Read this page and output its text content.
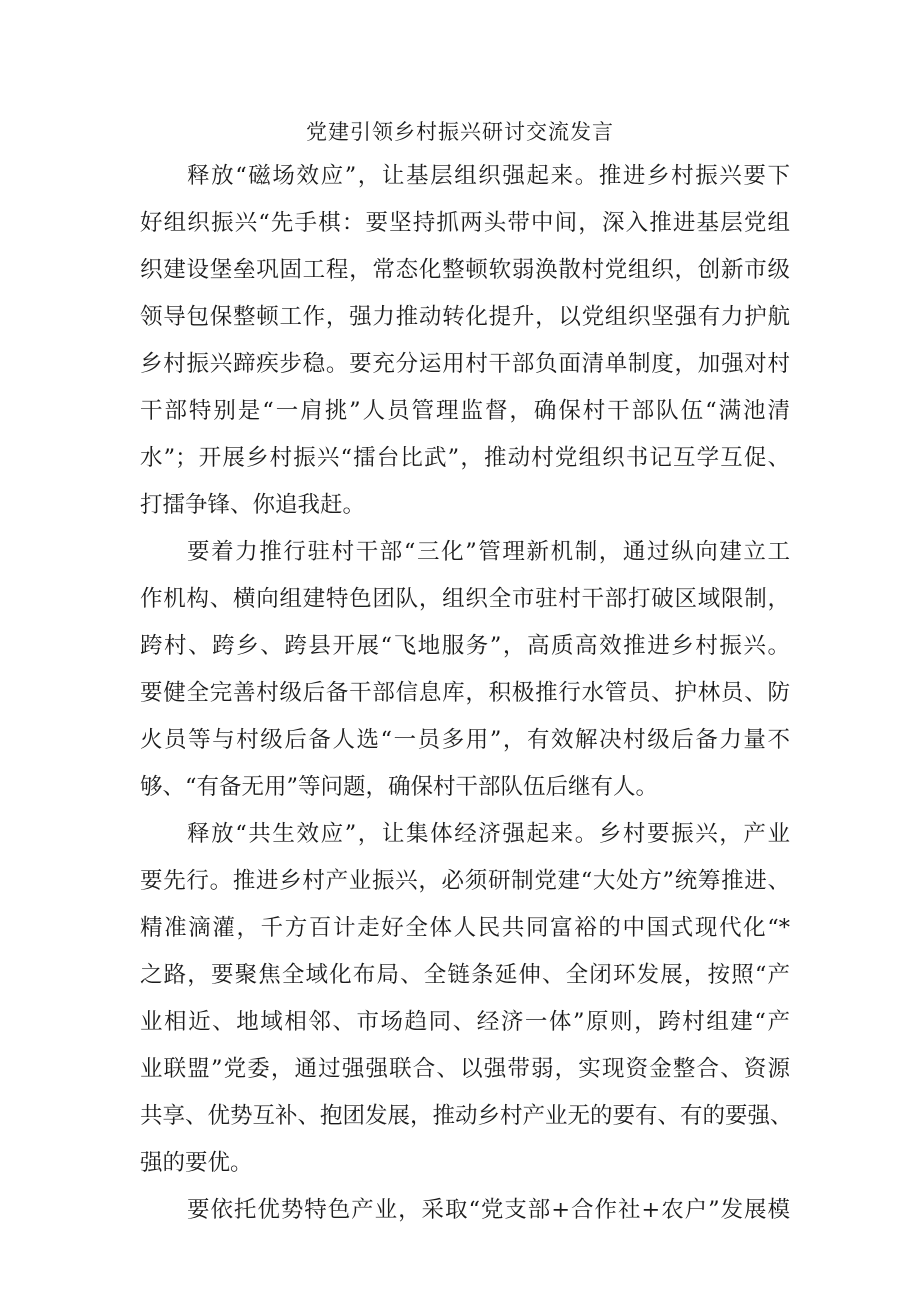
党建引领乡村振兴研讨交流发言
释放“磁场效应”，让基层组织强起来。推进乡村振兴要下
好组织振兴“先手棋：要坚持抓两头带中间，深入推进基层党组
织建设堡垒巩固工程，常态化整顿软弱涣散村党组织，创新市级
领导包保整顿工作，强力推动转化提升，以党组织坚强有力护航
乡村振兴蹄疾步稳。要充分运用村干部负面清单制度，加强对村
干部特别是“一肩挑”人员管理监督，确保村干部队伍“满池清
水”；开展乡村振兴“擂台比武”，推动村党组织书记互学互促、
打擂争锋、你追我赶。
要着力推行驻村干部“三化”管理新机制，通过纵向建立工
作机构、横向组建特色团队，组织全市驻村干部打破区域限制，
跨村、跨乡、跨县开展“飞地服务”，高质高效推进乡村振兴。
要健全完善村级后备干部信息库，积极推行水管员、护林员、防
火员等与村级后备人选“一员多用”，有效解决村级后备力量不
够、“有备无用”等问题，确保村干部队伍后继有人。
释放“共生效应”，让集体经济强起来。乡村要振兴，产业
要先行。推进乡村产业振兴，必须研制党建“大处方”统筹推进、
精准滴灌，千方百计走好全体人民共同富裕的中国式现代化“*
之路，要聚焦全域化布局、全链条延伸、全闭环发展，按照“产
业相近、地域相邻、市场趋同、经济一体”原则，跨村组建“产
业联盟”党委，通过强强联合、以强带弱，实现资金整合、资源
共享、优势互补、抱团发展，推动乡村产业无的要有、有的要强、
强的要优。
要依托优势特色产业，采取“党支部+合作社+农户”发展模
